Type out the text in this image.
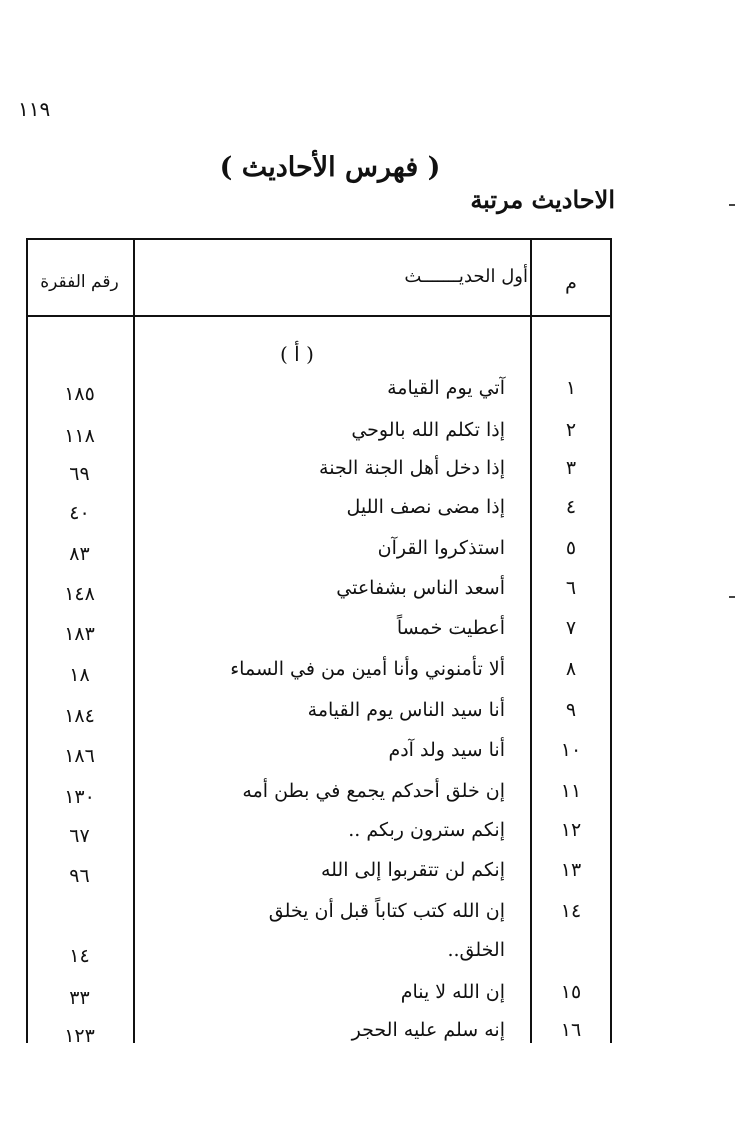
١١٩
( فهرس الأحاديث )
الاحاديث مرتبة
رقم الفقرة	أول الحديـــــــث	م
( أ )
١
آتي يوم القيامة
١٨٥
٢
إذا تكلم الله بالوحي
١١٨
٣
إذا دخل أهل الجنة الجنة
٦٩
٤
إذا مضى نصف الليل
٤٠
٥
استذكروا القرآن
٨٣
٦
أسعد الناس بشفاعتي
١٤٨
٧
أعطيت خمساً
١٨٣
٨
ألا تأمنوني وأنا أمين من في السماء
١٨
٩
أنا سيد الناس يوم القيامة
١٨٤
١٠
أنا سيد ولد آدم
١٨٦
١١
إن خلق أحدكم يجمع في بطن أمه
١٣٠
١٢
إنكم سترون ربكم ..
٦٧
١٣
إنكم لن تتقربوا إلى الله
٩٦
١٤
إن الله كتب كتاباً قبل أن يخلق
الخلق..
١٤
١٥
إن الله لا ينام
٣٣
١٦
إنه سلم عليه الحجر
١٢٣
